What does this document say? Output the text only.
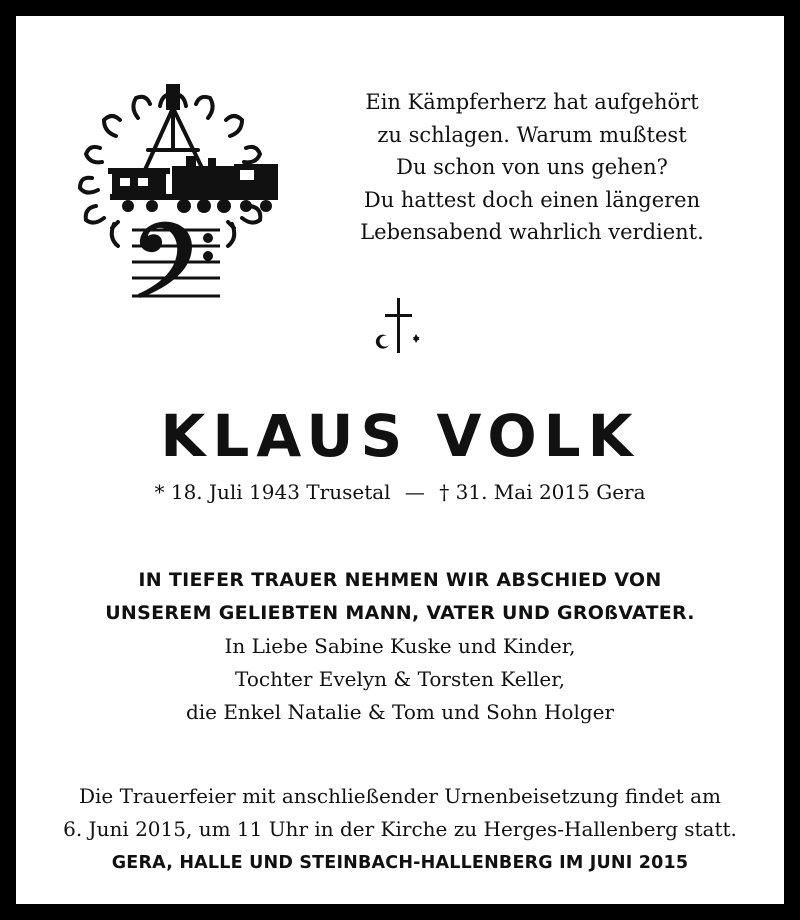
Ein Kämpferherz hat aufgehört
zu schlagen. Warum mußtest
Du schon von uns gehen?
Du hattest doch einen längeren
Lebensabend wahrlich verdient.
KLAUS VOLK
* 18. Juli 1943 Trusetal — † 31. Mai 2015 Gera
IN TIEFER TRAUER NEHMEN WIR ABSCHIED VON
UNSEREM GELIEBTEN MANN, VATER UND GROßVATER.
In Liebe Sabine Kuske und Kinder,
Tochter Evelyn & Torsten Keller,
die Enkel Natalie & Tom und Sohn Holger
Die Trauerfeier mit anschließender Urnenbeisetzung findet am
6. Juni 2015, um 11 Uhr in der Kirche zu Herges-Hallenberg statt.
GERA, HALLE UND STEINBACH-HALLENBERG IM JUNI 2015
